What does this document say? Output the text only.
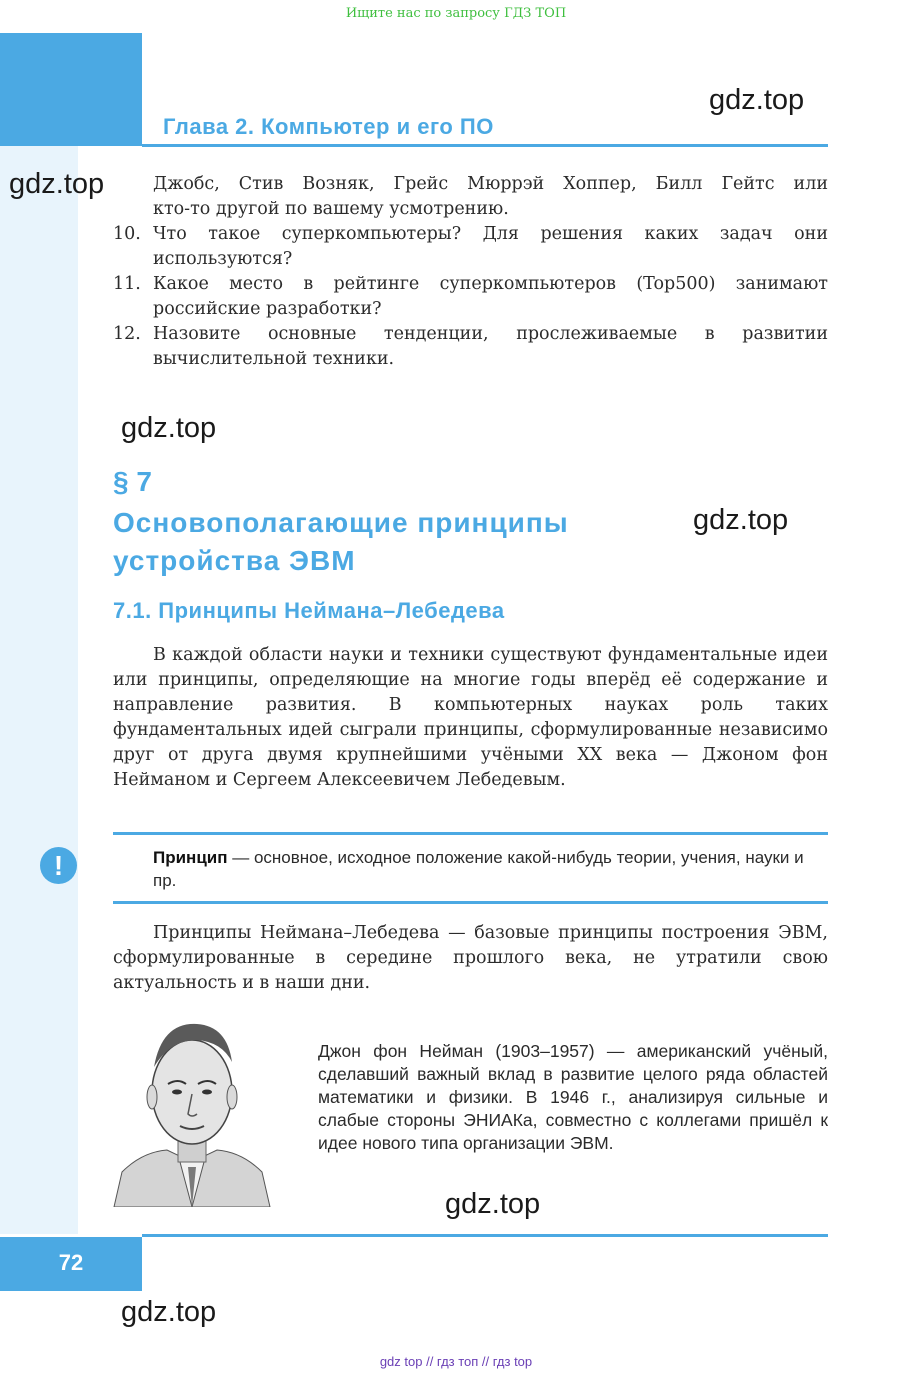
Ищите нас по запросу ГДЗ ТОП
Глава 2. Компьютер и его ПО
gdz.top
gdz.top	Джобс, Стив Возняк, Грейс Мюррэй Хоппер, Билл Гейтс или
кто-то другой по вашему усмотрению.
10. Что такое суперкомпьютеры? Для решения каких задач они
используются?
11. Какое место в рейтинге суперкомпьютеров (Top500) занимают
российские разработки?
12. Назовите основные тенденции, прослеживаемые в развитии
вычислительной техники.
gdz.top
§ 7
Основополагающие принципы
устройства ЭВМ
gdz.top
7.1. Принципы Неймана–Лебедева

В каждой области науки и техники существуют фундаментальные идеи или принципы, определяющие на многие годы вперёд её содержание и направление развития. В компьютерных науках роль таких фундаментальных идей сыграли принципы, сформулированные независимо друг от друга двумя крупнейшими учёными XX века — Джоном фон Нейманом и Сергеем Алексеевичем Лебедевым.

!	Принцип — основное, исходное положение какой-нибудь теории, учения, науки и пр.

Принципы Неймана–Лебедева — базовые принципы построения ЭВМ, сформулированные в середине прошлого века, не утратили свою актуальность и в наши дни.

Джон фон Нейман (1903–1957) — американский учёный, сделавший важный вклад в развитие целого ряда областей математики и физики. В 1946 г., анализируя сильные и слабые стороны ЭНИАКа, совместно с коллегами пришёл к идее нового типа организации ЭВМ.
gdz.top
72
gdz.top
gdz top // гдз топ // гдз top
